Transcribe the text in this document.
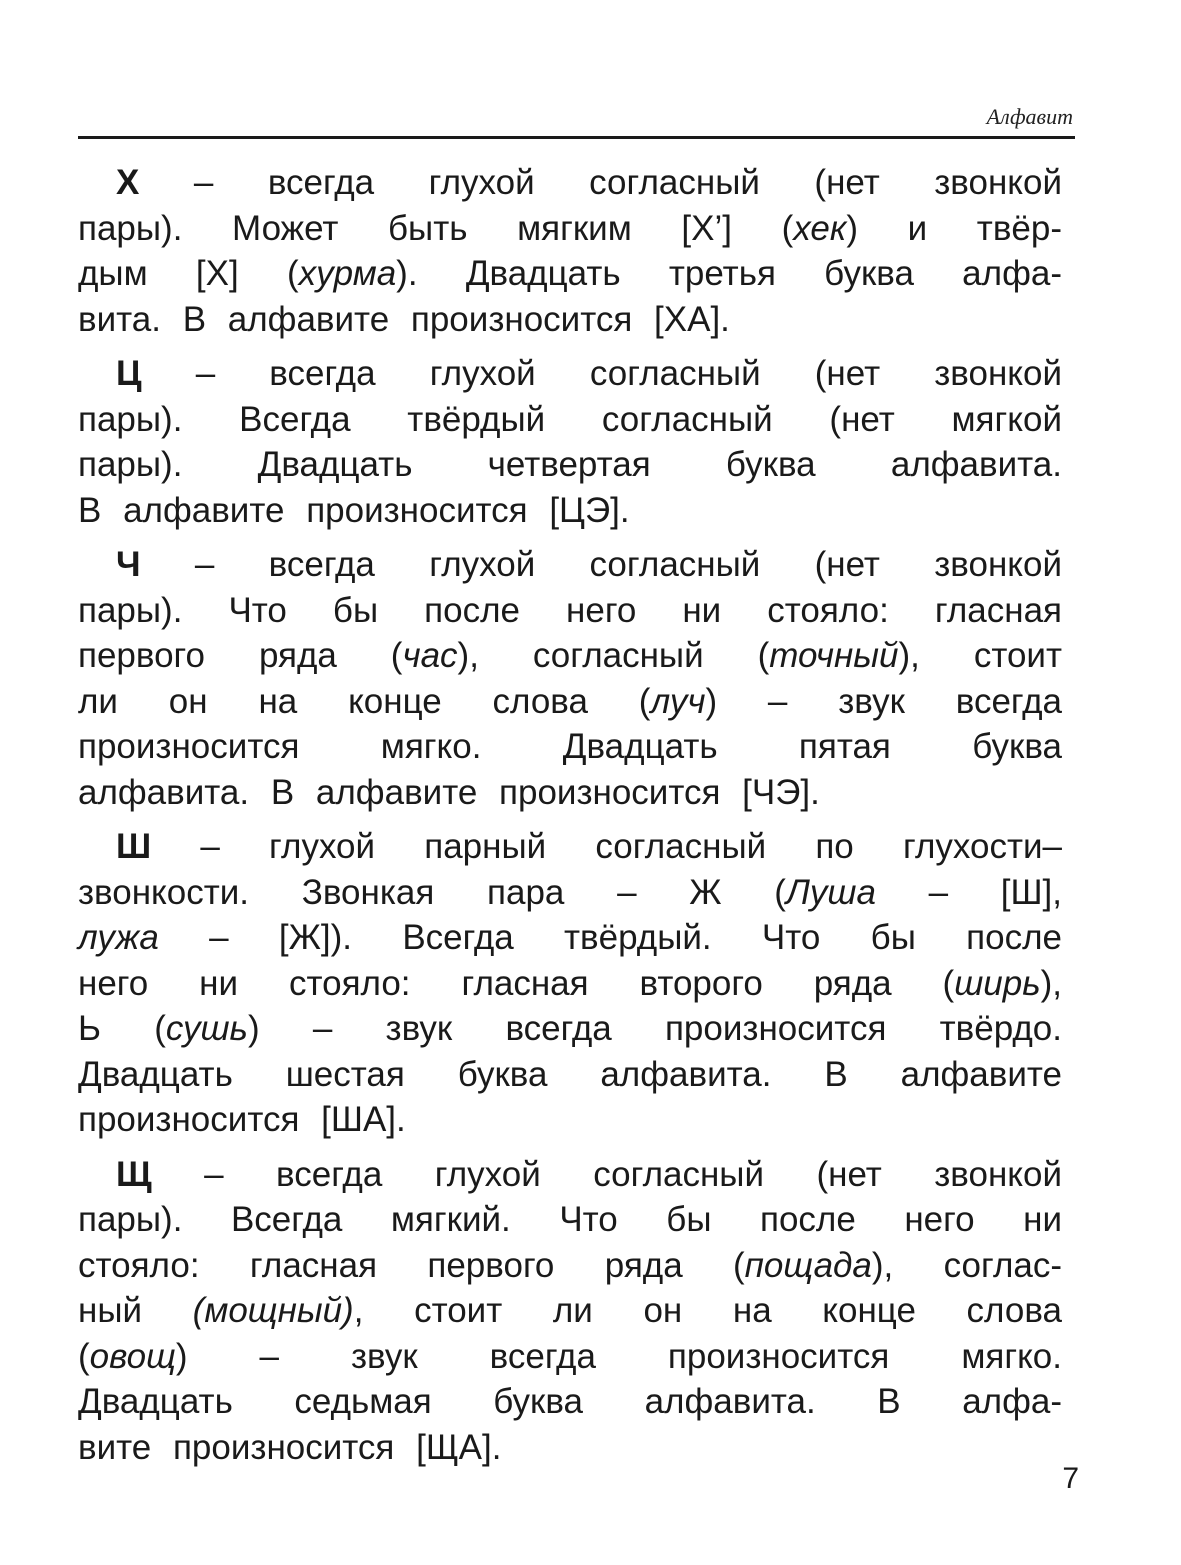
Алфавит
Х – всегда глухой согласный (нет звонкой
пары). Может быть мягким [Х’] (хек) и твёр-
дым [Х] (хурма). Двадцать третья буква алфа-
вита. В алфавите произносится [ХА].
Ц – всегда глухой согласный (нет звонкой
пары). Всегда твёрдый согласный (нет мягкой
пары). Двадцать четвертая буква алфавита.
В алфавите произносится [ЦЭ].
Ч – всегда глухой согласный (нет звонкой
пары). Что бы после него ни стояло: гласная
первого ряда (час), согласный (точный), стоит
ли он на конце слова (луч) – звук всегда
произносится мягко. Двадцать пятая буква
алфавита. В алфавите произносится [ЧЭ].
Ш – глухой парный согласный по глухости–
звонкости. Звонкая пара – Ж (Луша – [Ш],
лужа – [Ж]). Всегда твёрдый. Что бы после
него ни стояло: гласная второго ряда (ширь),
Ь (сушь) – звук всегда произносится твёрдо.
Двадцать шестая буква алфавита. В алфавите
произносится [ША].
Щ – всегда глухой согласный (нет звонкой
пары). Всегда мягкий. Что бы после него ни
стояло: гласная первого ряда (пощада), соглас-
ный (мощный), стоит ли он на конце слова
(овощ) – звук всегда произносится мягко.
Двадцать седьмая буква алфавита. В алфа-
вите произносится [ЩА].
7
